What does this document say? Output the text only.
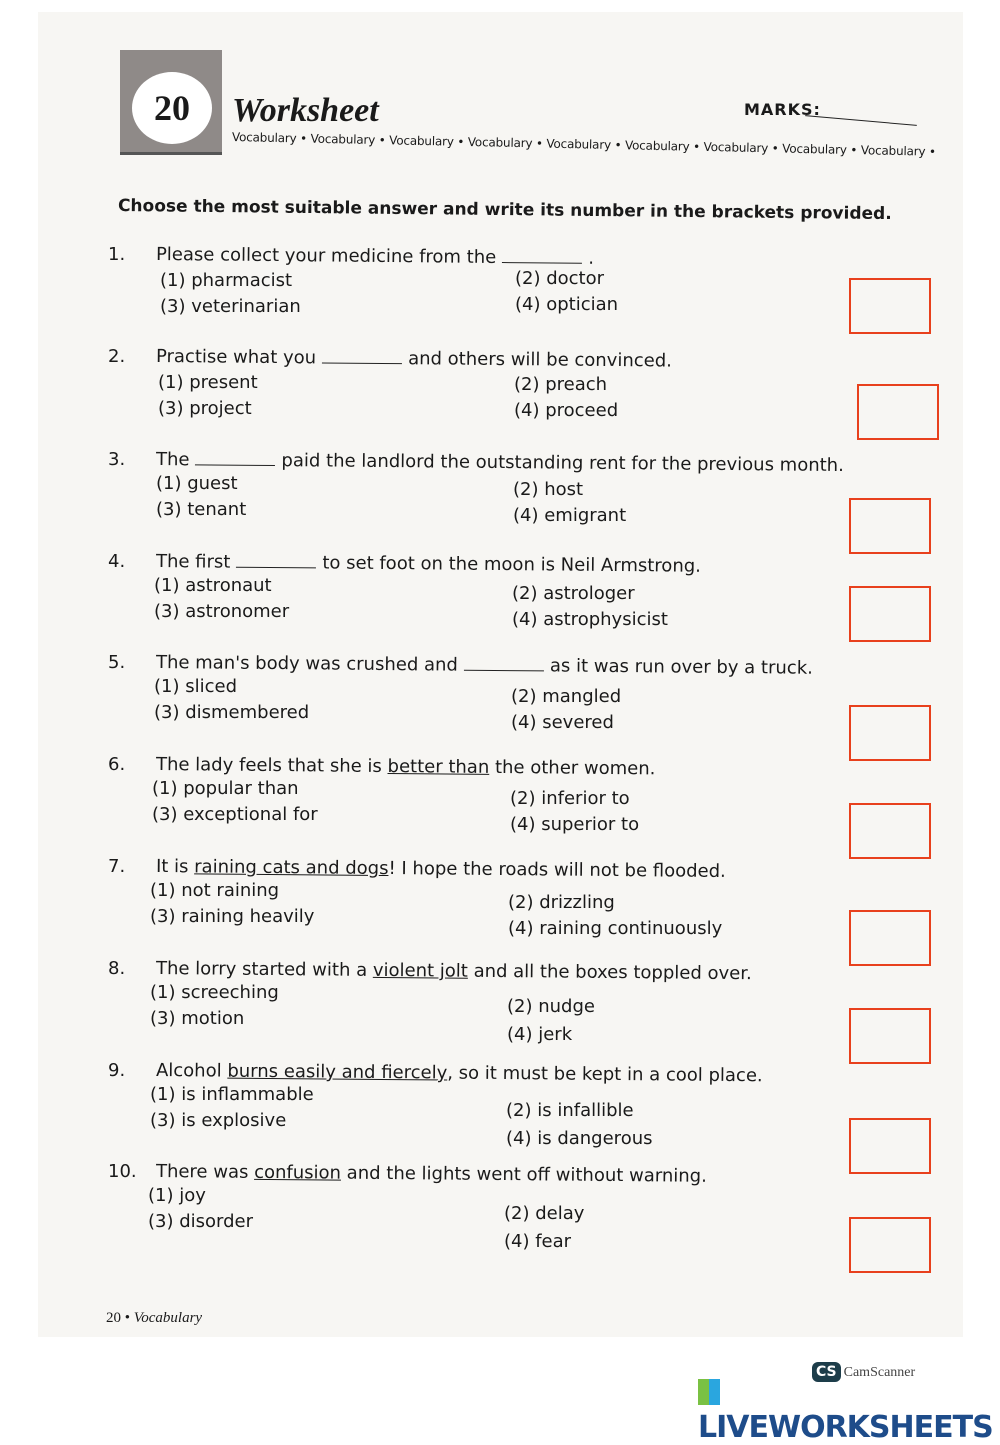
20	Worksheet
Vocabulary • Vocabulary • Vocabulary • Vocabulary • Vocabulary • Vocabulary • Vocabulary • Vocabulary • Vocabulary •
MARKS:
Choose the most suitable answer and write its number in the brackets provided.
1. Please collect your medicine from the	.
(1) pharmacist	(2) doctor
(3) veterinarian	(4) optician
2. Practise what you	and others will be convinced.
(1) present	(2) preach
(3) project	(4) proceed
3. The	paid the landlord the outstanding rent for the previous month.
(1) guest	(2) host
(3) tenant	(4) emigrant
4. The first	to set foot on the moon is Neil Armstrong.
(1) astronaut	(2) astrologer
(3) astronomer	(4) astrophysicist
5. The man's body was crushed and	as it was run over by a truck.
(1) sliced	(2) mangled
(3) dismembered	(4) severed
6. The lady feels that she is better than the other women.
(1) popular than	(2) inferior to
(3) exceptional for	(4) superior to
7. It is raining cats and dogs! I hope the roads will not be flooded.
(1) not raining
(2) drizzling
(3) raining heavily
(4) raining continuously
8. The lorry started with a violent jolt and all the boxes toppled over.
(1) screeching
(2) nudge
(3) motion
(4) jerk
9. Alcohol burns easily and fiercely, so it must be kept in a cool place.
(1) is inflammable
(2) is infallible
(3) is explosive
(4) is dangerous
10. There was confusion and the lights went off without warning.
(1) joy
(2) delay
(3) disorder
(4) fear
20 • Vocabulary
CS CamScanner
LIVEWORKSHEETS
